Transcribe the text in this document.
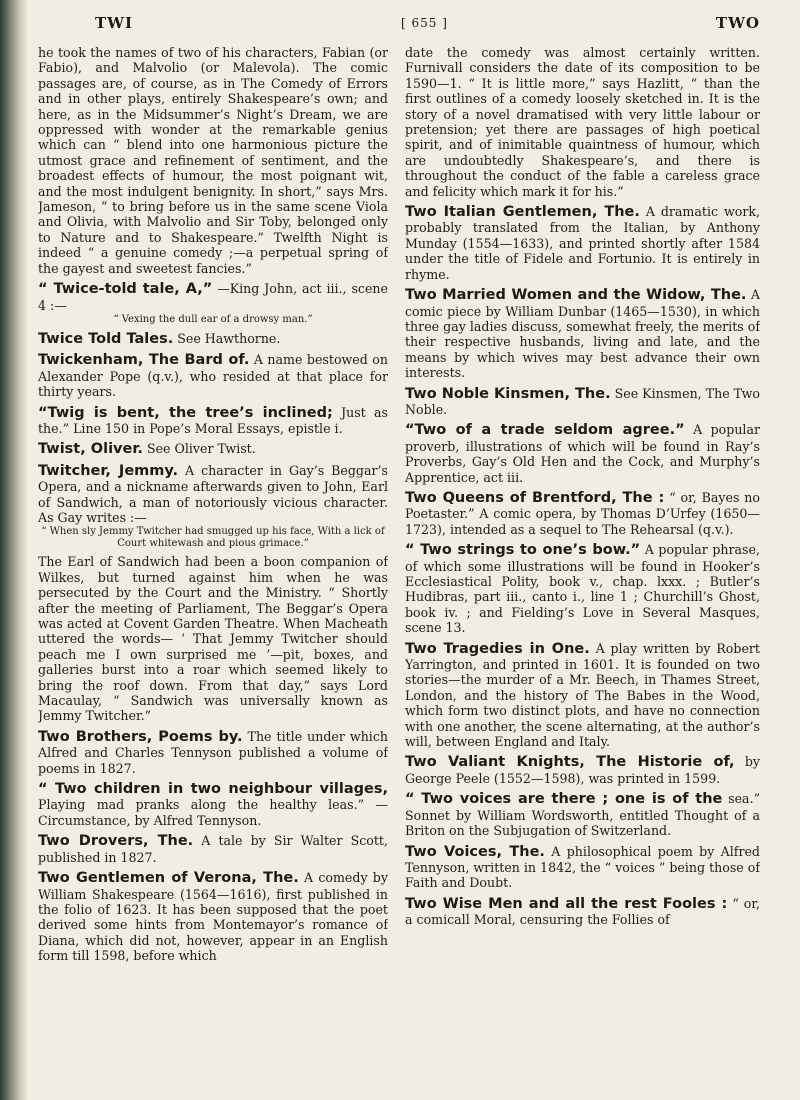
TWI	[ 655 ]	TWO

he took the names of two of his characters, Fabian (or Fabio), and Malvolio (or Malevola). The comic passages are, of course, as in The Comedy of Errors and in other plays, entirely Shakespeare’s own; and here, as in the Midsummer’s Night’s Dream, we are oppressed with wonder at the remarkable genius which can “ blend into one harmonious picture the utmost grace and refinement of sentiment, and the broadest effects of humour, the most poignant wit, and the most indulgent benignity. In short,” says Mrs. Jameson, “ to bring before us in the same scene Viola and Olivia, with Malvolio and Sir Toby, belonged only to Nature and to Shakespeare.” Twelfth Night is indeed “ a genuine comedy ;—a perpetual spring of the gayest and sweetest fancies.”

“ Twice-told tale, A,” —King John, act iii., scene 4 :—
“ Vexing the dull ear of a drowsy man.”

Twice Told Tales. See Hawthorne.

Twickenham, The Bard of. A name bestowed on Alexander Pope (q.v.), who resided at that place for thirty years.

“Twig is bent, the tree’s inclined; Just as the.” Line 150 in Pope’s Moral Essays, epistle i.

Twist, Oliver. See Oliver Twist.

Twitcher, Jemmy. A character in Gay’s Beggar’s Opera, and a nickname afterwards given to John, Earl of Sandwich, a man of notoriously vicious character. As Gay writes :—
“ When sly Jemmy Twitcher had smugged up his face, With a lick of Court whitewash and pious grimace.”
The Earl of Sandwich had been a boon companion of Wilkes, but turned against him when he was persecuted by the Court and the Ministry. “ Shortly after the meeting of Parliament, The Beggar’s Opera was acted at Covent Garden Theatre. When Macheath uttered the words— ‘ That Jemmy Twitcher should peach me I own surprised me ’—pit, boxes, and galleries burst into a roar which seemed likely to bring the roof down. From that day,” says Lord Macaulay, “ Sandwich was universally known as Jemmy Twitcher.”

Two Brothers, Poems by. The title under which Alfred and Charles Tennyson published a volume of poems in 1827.

“ Two children in two neighbour villages, Playing mad pranks along the healthy leas.” —Circumstance, by Alfred Tennyson.

Two Drovers, The. A tale by Sir Walter Scott, published in 1827.

Two Gentlemen of Verona, The. A comedy by William Shakespeare (1564—1616), first published in the folio of 1623. It has been supposed that the poet derived some hints from Montemayor’s romance of Diana, which did not, however, appear in an English form till 1598, before which

date the comedy was almost certainly written. Furnivall considers the date of its composition to be 1590—1. “ It is little more,” says Hazlitt, “ than the first outlines of a comedy loosely sketched in. It is the story of a novel dramatised with very little labour or pretension; yet there are passages of high poetical spirit, and of inimitable quaintness of humour, which are undoubtedly Shakespeare’s, and there is throughout the conduct of the fable a careless grace and felicity which mark it for his.”

Two Italian Gentlemen, The. A dramatic work, probably translated from the Italian, by Anthony Munday (1554—1633), and printed shortly after 1584 under the title of Fidele and Fortunio. It is entirely in rhyme.

Two Married Women and the Widow, The. A comic piece by William Dunbar (1465—1530), in which three gay ladies discuss, somewhat freely, the merits of their respective husbands, living and late, and the means by which wives may best advance their own interests.

Two Noble Kinsmen, The. See Kinsmen, The Two Noble.

“Two of a trade seldom agree.” A popular proverb, illustrations of which will be found in Ray’s Proverbs, Gay’s Old Hen and the Cock, and Murphy’s Apprentice, act iii.

Two Queens of Brentford, The : “ or, Bayes no Poetaster.” A comic opera, by Thomas D’Urfey (1650—1723), intended as a sequel to The Rehearsal (q.v.).

“ Two strings to one’s bow.” A popular phrase, of which some illustrations will be found in Hooker’s Ecclesiastical Polity, book v., chap. lxxx. ; Butler’s Hudibras, part iii., canto i., line 1 ; Churchill’s Ghost, book iv. ; and Fielding’s Love in Several Masques, scene 13.

Two Tragedies in One. A play written by Robert Yarrington, and printed in 1601. It is founded on two stories—the murder of a Mr. Beech, in Thames Street, London, and the history of The Babes in the Wood, which form two distinct plots, and have no connection with one another, the scene alternating, at the author’s will, between England and Italy.

Two Valiant Knights, The Historie of, by George Peele (1552—1598), was printed in 1599.

“ Two voices are there ; one is of the sea.” Sonnet by William Wordsworth, entitled Thought of a Briton on the Subjugation of Switzerland.

Two Voices, The. A philosophical poem by Alfred Tennyson, written in 1842, the “ voices ” being those of Faith and Doubt.

Two Wise Men and all the rest Fooles : “ or, a comicall Moral, censuring the Follies of
